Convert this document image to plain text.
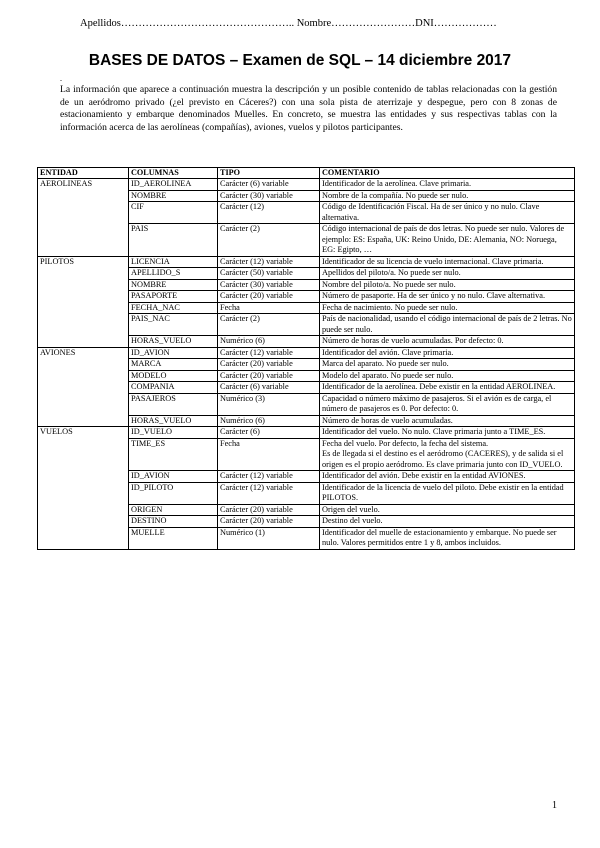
Apellidos………………………………………….. Nombre……………………DNI………………
BASES DE DATOS – Examen de SQL – 14 diciembre 2017
.
La información que aparece a continuación muestra la descripción y un posible contenido de tablas relacionadas con la gestión de un aeródromo privado (¿el previsto en Cáceres?) con una sola pista de aterrizaje y despegue, pero con 8 zonas de estacionamiento y embarque denominados Muelles. En concreto, se muestra las entidades y sus respectivas tablas con la información acerca de las aerolíneas (compañías), aviones, vuelos y pilotos participantes.
ENTIDAD	COLUMNAS	TIPO	COMENTARIO
AEROLINEAS	ID_AEROLINEA	Carácter (6) variable	Identificador de la aerolínea. Clave primaria.
	NOMBRE	Carácter (30) variable	Nombre de la compañía. No puede ser nulo.
	CIF	Carácter (12)	Código de Identificación Fiscal. Ha de ser único y no nulo. Clave alternativa.
	PAIS	Carácter (2)	Código internacional de país de dos letras. No puede ser nulo. Valores de ejemplo: ES: España, UK: Reino Unido, DE: Alemania, NO: Noruega, EG: Egipto, …
PILOTOS	LICENCIA	Carácter (12) variable	Identificador de su licencia de vuelo internacional. Clave primaria.
	APELLIDO_S	Carácter (50) variable	Apellidos del piloto/a. No puede ser nulo.
	NOMBRE	Carácter (30) variable	Nombre del piloto/a. No puede ser nulo.
	PASAPORTE	Carácter (20) variable	Número de pasaporte. Ha de ser único y no nulo. Clave alternativa.
	FECHA_NAC	Fecha	Fecha de nacimiento. No puede ser nulo.
	PAIS_NAC	Carácter (2)	País de nacionalidad, usando el código internacional de país de 2 letras. No puede ser nulo.
	HORAS_VUELO	Numérico (6)	Número de horas de vuelo acumuladas. Por defecto: 0.
AVIONES	ID_AVION	Carácter (12) variable	Identificador del avión. Clave primaria.
	MARCA	Carácter (20) variable	Marca del aparato. No puede ser nulo.
	MODELO	Carácter (20) variable	Modelo del aparato. No puede ser nulo.
	COMPANIA	Carácter (6) variable	Identificador de la aerolínea. Debe existir en la entidad AEROLINEA.
	PASAJEROS	Numérico (3)	Capacidad o número máximo de pasajeros. Si el avión es de carga, el número de pasajeros es 0. Por defecto: 0.
	HORAS_VUELO	Numérico (6)	Número de horas de vuelo acumuladas.
VUELOS	ID_VUELO	Carácter (6)	Identificador del vuelo. No nulo. Clave primaria junto a TIME_ES.
	TIME_ES	Fecha	Fecha del vuelo. Por defecto, la fecha del sistema.
Es de llegada si el destino es el aeródromo (CACERES), y de salida si el origen es el propio aeródromo. Es clave primaria junto con ID_VUELO.
	ID_AVION	Carácter (12) variable	Identificador del avión. Debe existir en la entidad AVIONES.
	ID_PILOTO	Carácter (12) variable	Identificador de la licencia de vuelo del piloto. Debe existir en la entidad PILOTOS.
	ORIGEN	Carácter (20) variable	Origen del vuelo.
	DESTINO	Carácter (20) variable	Destino del vuelo.
	MUELLE	Numérico (1)	Identificador del muelle de estacionamiento y embarque. No puede ser nulo. Valores permitidos entre 1 y 8, ambos incluidos.
1
